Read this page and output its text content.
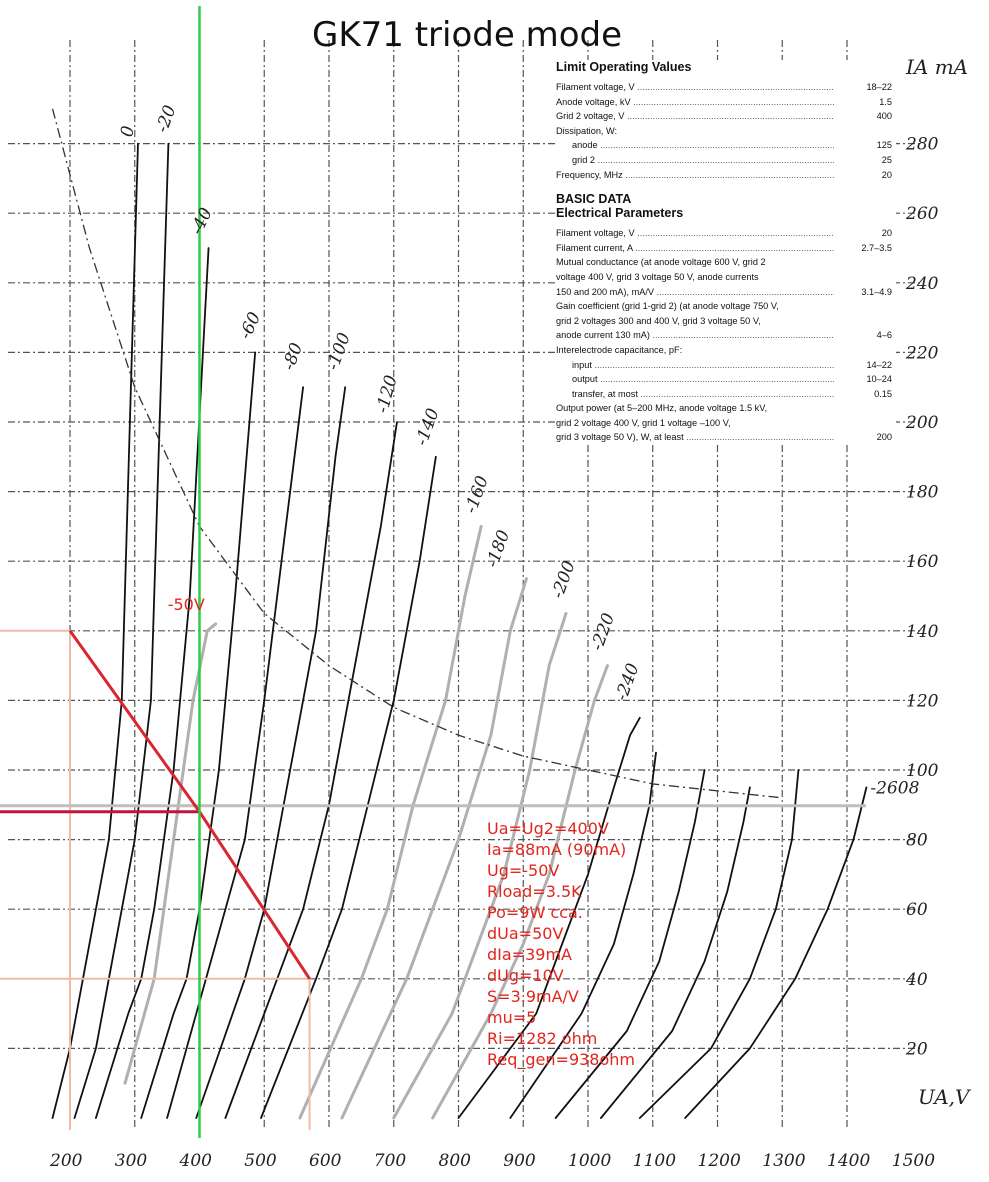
200 300 400 500 600 700 800 900 1000 1100 1200 1300 1400 1500
20
40
60
80
100
120
140
160
180
200
220
240
260
280
0 -20
-40
-60
-80 -100
-120
-140
-160
-180
-200
-220
-240
-50V
-2608
GK71 triode mode
IA mA
UA,V
Limit Operating Values
Filament voltage, V .....	18–22
Anode voltage, kV .....	1.5
Grid 2 voltage, V .....	400
Dissipation, W:
anode .....	125
grid 2 .....	25
Frequency, MHz .....	20
BASIC DATA
Electrical Parameters
Filament voltage, V .....	20
Filament current, A .....	2.7–3.5
Mutual conductance (at anode voltage 600 V, grid 2
voltage 400 V, grid 3 voltage 50 V, anode currents
150 and 200 mA), mA/V .....	3.1–4.9
Gain coefficient (grid 1-grid 2) (at anode voltage 750 V,
grid 2 voltages 300 and 400 V, grid 3 voltage 50 V,
anode current 130 mA) .....	4–6
Interelectrode capacitance, pF:
input .....	14–22
output .....	10–24
transfer, at most .....	0.15
Output power (at 5–200 MHz, anode voltage 1.5 kV,
grid 2 voltage 400 V, grid 1 voltage –100 V,
grid 3 voltage 50 V), W, at least .....	200
Ua=Ug2=400V
Ia=88mA (90mA)
Ug=-50V
Rload=3.5K
Po=9W cca.
dUa=50V
dIa=39mA
dUg=10V
S=3.9mA/V
mu=5
Ri=1282 ohm
Req_gen=938ohm
